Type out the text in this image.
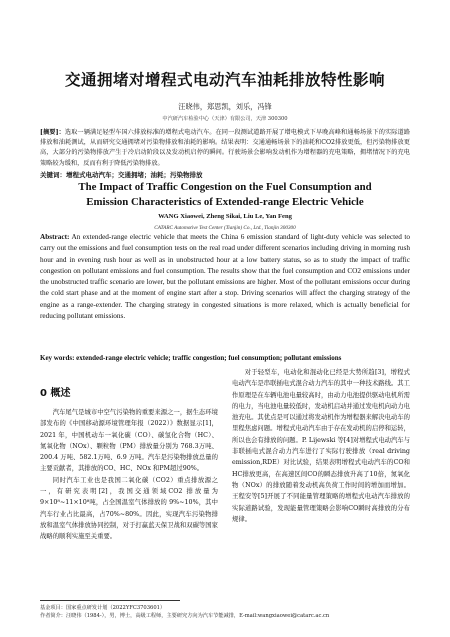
交通拥堵对增程式电动汽车油耗排放特性影响
汪晓伟，郑思凯，刘乐，冯锋
中汽研汽车检验中心（天津）有限公司，天津 300300
[摘要]：选取一辆满足轻型车国六排放标准的增程式电动汽车。在同一段测试道路开展了增电模式下早晚高峰和通畅场景下的实际道路排放和油耗测试，从而研究交通拥堵对污染物排放和油耗的影响。结果表明：交通通畅场景下的油耗和CO2排放更低，但污染物排放更高，大部分的污染物排放产生于冷启动阶段以及发动机启停的瞬间。行驶场景会影响发动机作为增程器的充电策略，拥堵情况下的充电策略较为缓和，反而有利于降低污染物排放。
关键词：增程式电动汽车；交通拥堵；油耗；污染物排放
The Impact of Traffic Congestion on the Fuel Consumption and
Emission Characteristics of Extended-range Electric Vehicle
WANG Xiaowei, Zheng Sikai, Liu Le, Yan Feng
CATARC Automotive Test Center (Tianjin) Co., Ltd., Tianjin 300300
Abstract: An extended-range electric vehicle that meets the China 6 emission standard of light-duty vehicle was selected to carry out the emissions and fuel consumption tests on the real road under different scenarios including driving in morning rush hour and in evening rush hour as well as in unobstructed hour at a low battery status, so as to study the impact of traffic congestion on pollutant emissions and fuel consumption. The results show that the fuel consumption and CO2 emissions under the unobstructed traffic scenario are lower, but the pollutant emissions are higher. Most of the pollutant emissions occur during the cold start phase and at the moment of engine start after a stop. Driving scenarios will affect the charging strategy of the engine as a range-extender. The charging strategy in congested situations is more relaxed, which is actually beneficial for reducing pollutant emissions.
Key words: extended-range electric vehicle; traffic congestion; fuel consumption; pollutant emissions
0 概述

汽车尾气是城市中空气污染物的重要来源之一，据生态环境部发布的《中国移动源环境管理年报（2022）》数据显示[1]，2021 年，中国机动车一氧化碳（CO）、碳氢化合物（HC）、氮氧化物（NOx）、颗粒物（PM）排放量分别为 768.3万吨、200.4 万吨、582.1万吨、6.9 万吨。汽车是污染物排放总量的主要贡献者，其排放的CO、HC、NOx 和PM超过90%。

同时汽车工业也是我国二氧化碳（CO2）重点排放源之一，有研究表明[2]，我国交通领域CO2 排放量为 9×10⁸~11×10⁸吨，占全国温室气体排放的 9%~10%，其中汽车行业占比最高，占70%~80%。因此，实现汽车污染物排放和温室气体排放协同控制，对于打赢蓝天保卫战和双碳等国家战略的顺利实施至关重要。

对于轻型车，电动化和混动化已经是大势所趋[3]，增程式电动汽车是串联插电式混合动力汽车的其中一种技术路线。其工作原理是在车辆电池电量较高时，由动力电池提供驱动电机所需的电力，当电池电量较低时，发动机启动并通过发电机向动力电池充电。其优点是可以通过将发动机作为增程器来解决电动车的里程焦虑问题。增程式电动汽车由于存在发动机的启停和运转，所以也会有排放的问题。P. Lijewski 等[4]对增程式电动汽车与非联插电式混合动力汽车进行了实际行驶排放（real driving emission,RDE）对比试验，结果表明增程式电动汽车的CO和HC排放更高，在高速区间CO的瞬态排放升高了10倍，氮氧化物（NOx）的排放随着发动机高负荷工作时间的增加而增加。王程安等[5]开展了不同能量管理策略的增程式电动汽车排放的实际道路试验，发现能量管理策略会影响CO瞬时高排放的分布规律。

基金项目：国家重点研发计划（2022YFC3703601）
作者简介：汪晓伟（1984-），男，博士，高级工程师，主要研究方向为汽车节能减排，E-mail:wangxiaowei@catarc.ac.cn
